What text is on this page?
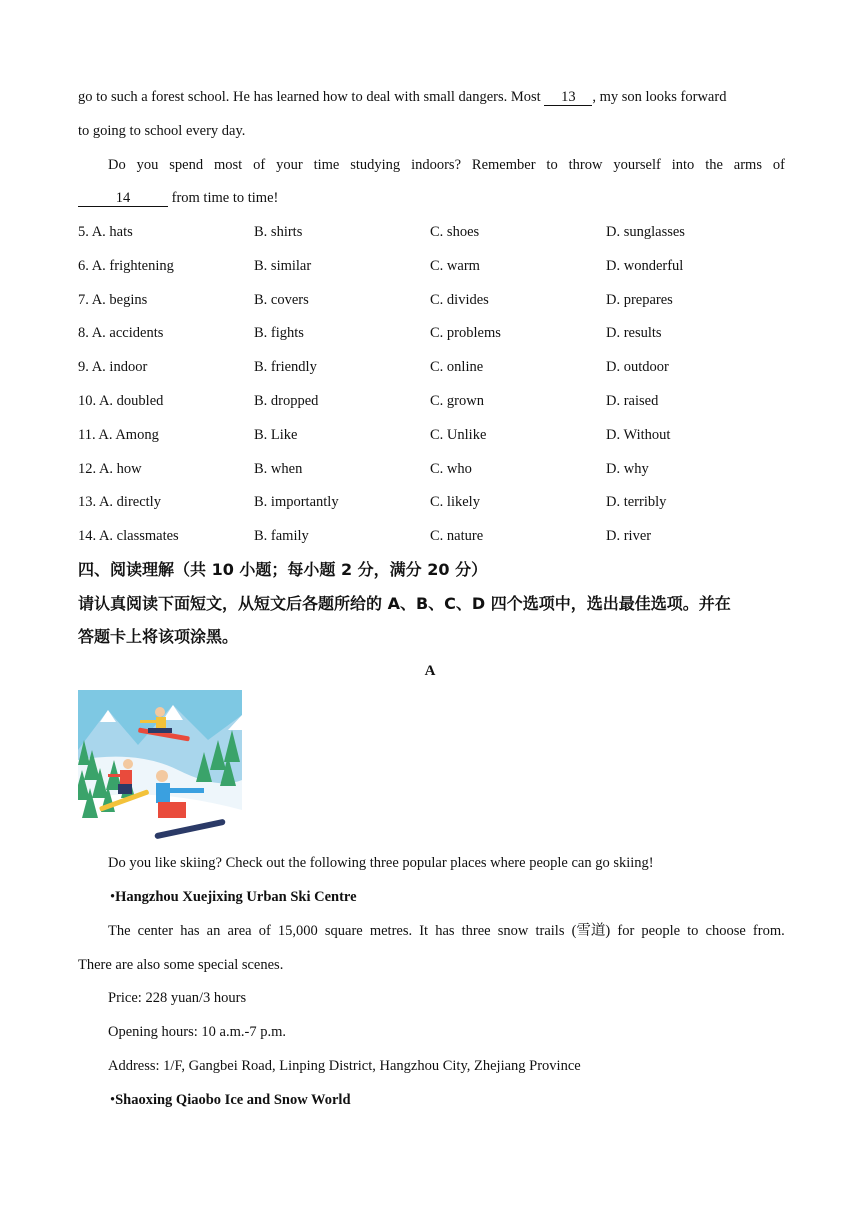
go to such a forest school. He has learned how to deal with small dangers. Most 13 , my son looks forward
to going to school every day.
Do you spend most of your time studying indoors? Remember to throw yourself into the arms of
14	from time to time!
5. A. hats	B. shirts	C. shoes	D. sunglasses
6. A. frightening	B. similar	C. warm	D. wonderful
7. A. begins	B. covers	C. divides	D. prepares
8. A. accidents	B. fights	C. problems	D. results
9. A. indoor	B. friendly	C. online	D. outdoor
10. A. doubled	B. dropped	C. grown	D. raised
11. A. Among	B. Like	C. Unlike	D. Without
12. A. how	B. when	C. who	D. why
13. A. directly	B. importantly	C. likely	D. terribly
14. A. classmates	B. family	C. nature	D. river
四、阅读理解（共 10 小题；每小题 2 分，满分 20 分）
请认真阅读下面短文，从短文后各题所给的 A、B、C、D 四个选项中，选出最佳选项。并在
答题卡上将该项涂黑。
A
Do you like skiing? Check out the following three popular places where people can go skiing!
•Hangzhou Xuejixing Urban Ski Centre
The center has an area of 15,000 square metres. It has three snow trails (雪道) for people to choose from.
There are also some special scenes.
Price: 228 yuan/3 hours
Opening hours: 10 a.m.-7 p.m.
Address: 1/F, Gangbei Road, Linping District, Hangzhou City, Zhejiang Province
•Shaoxing Qiaobo Ice and Snow World
